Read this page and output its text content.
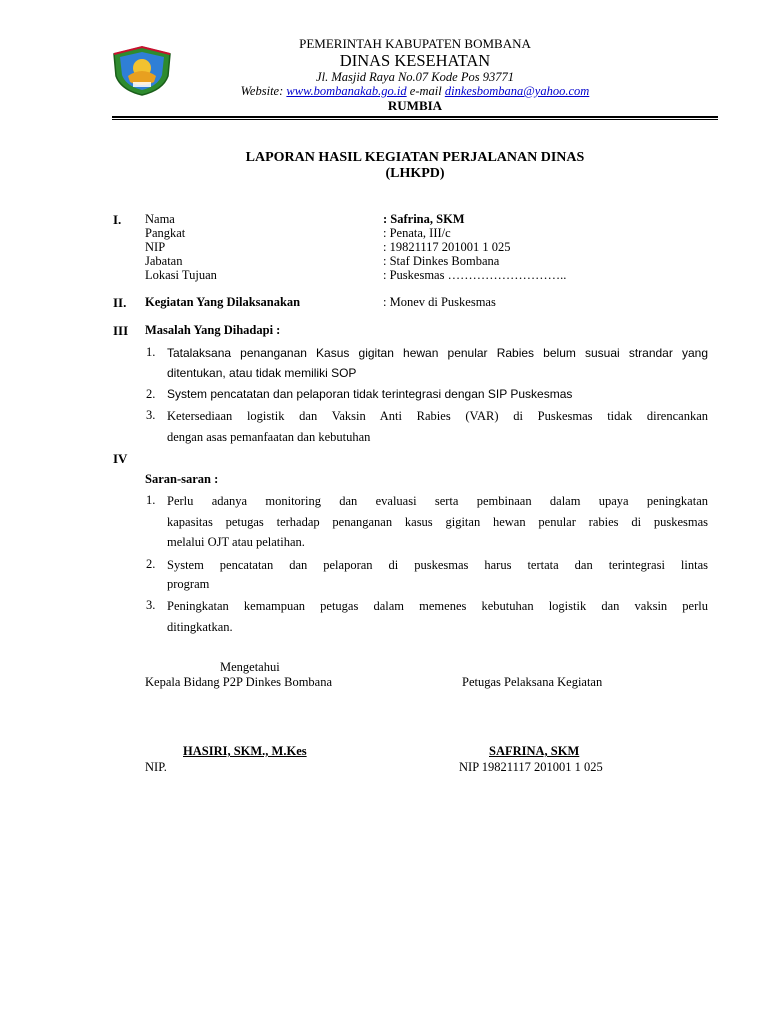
PEMERINTAH KABUPATEN BOMBANA
DINAS KESEHATAN
Jl. Masjid Raya No.07 Kode Pos 93771
Website: www.bombanakab.go.id e-mail dinkesbombana@yahoo.com
RUMBIA
LAPORAN HASIL KEGIATAN PERJALANAN DINAS
(LHKPD)
I. Nama	: Safrina, SKM
Pangkat	: Penata, III/c
NIP	: 19821117 201001 1 025
Jabatan	: Staf Dinkes Bombana
Lokasi Tujuan	: Puskesmas ………………………..
II. Kegiatan Yang Dilaksanakan	: Monev di Puskesmas
III Masalah Yang Dihadapi :
1. Tatalaksana penanganan Kasus gigitan hewan penular Rabies belum susuai strandar yang
ditentukan, atau tidak memiliki SOP
2. System pencatatan dan pelaporan tidak terintegrasi dengan SIP Puskesmas
3. Ketersediaan logistik dan Vaksin Anti Rabies (VAR) di Puskesmas tidak direncankan
dengan asas pemanfaatan dan kebutuhan
IV
Saran-saran :
1. Perlu adanya monitoring dan evaluasi serta pembinaan dalam upaya peningkatan
kapasitas petugas terhadap penanganan kasus gigitan hewan penular rabies di puskesmas
melalui OJT atau pelatihan.
2. System pencatatan dan pelaporan di puskesmas harus tertata dan terintegrasi lintas
program
3. Peningkatan kemampuan petugas dalam memenes kebutuhan logistik dan vaksin perlu
ditingkatkan.
Mengetahui
Kepala Bidang P2P Dinkes Bombana	Petugas Pelaksana Kegiatan
HASIRI, SKM., M.Kes	SAFRINA, SKM
NIP.	NIP 19821117 201001 1 025
